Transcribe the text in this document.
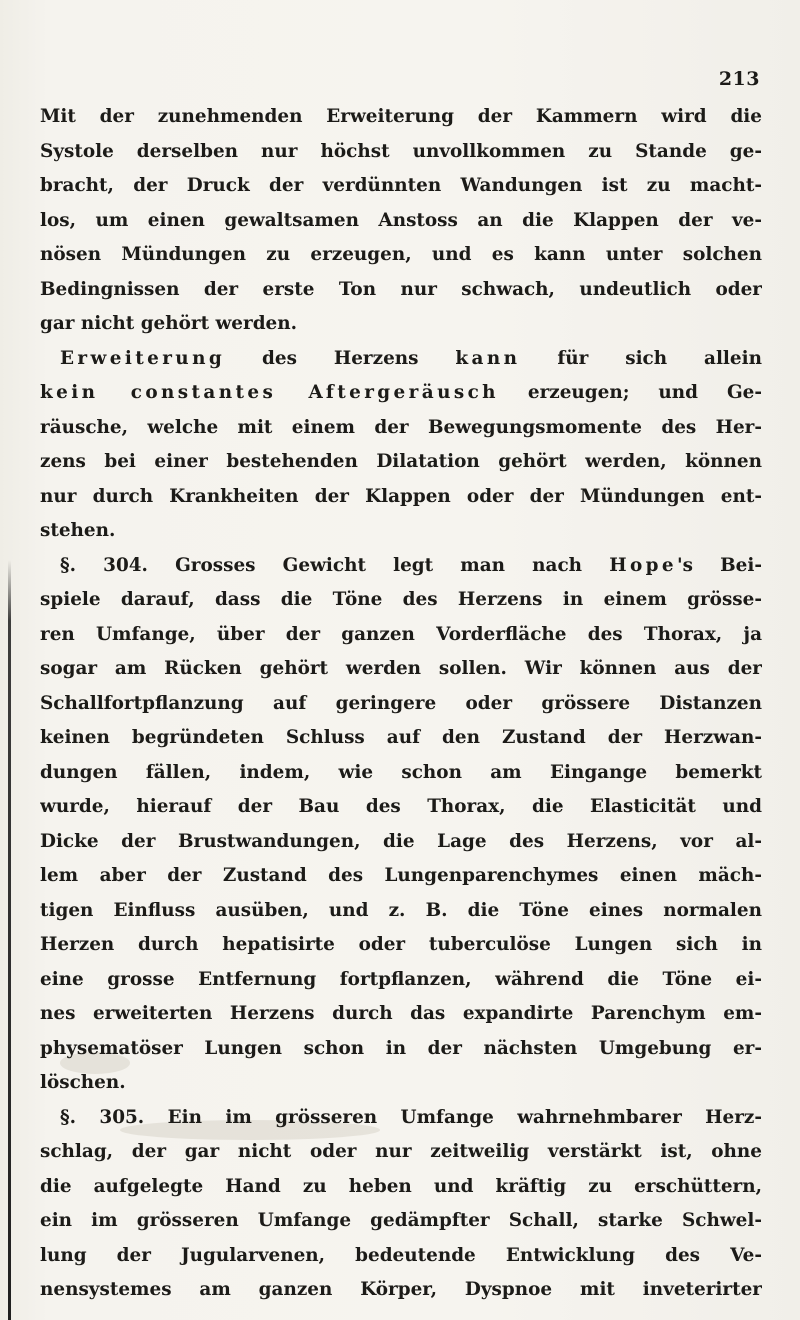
213
Mit der zunehmenden Erweiterung der Kammern wird die
Systole derselben nur höchst unvollkommen zu Stande ge-
bracht, der Druck der verdünnten Wandungen ist zu macht-
los, um einen gewaltsamen Anstoss an die Klappen der ve-
nösen Mündungen zu erzeugen, und es kann unter solchen
Bedingnissen der erste Ton nur schwach, undeutlich oder
gar nicht gehört werden.
Erweiterung des Herzens kann für sich allein
kein constantes Aftergeräusch erzeugen; und Ge-
räusche, welche mit einem der Bewegungsmomente des Her-
zens bei einer bestehenden Dilatation gehört werden, können
nur durch Krankheiten der Klappen oder der Mündungen ent-
stehen.
§. 304. Grosses Gewicht legt man nach Hope's Bei-
spiele darauf, dass die Töne des Herzens in einem grösse-
ren Umfange, über der ganzen Vorderfläche des Thorax, ja
sogar am Rücken gehört werden sollen. Wir können aus der
Schallfortpflanzung auf geringere oder grössere Distanzen
keinen begründeten Schluss auf den Zustand der Herzwan-
dungen fällen, indem, wie schon am Eingange bemerkt
wurde, hierauf der Bau des Thorax, die Elasticität und
Dicke der Brustwandungen, die Lage des Herzens, vor al-
lem aber der Zustand des Lungenparenchymes einen mäch-
tigen Einfluss ausüben, und z. B. die Töne eines normalen
Herzen durch hepatisirte oder tuberculöse Lungen sich in
eine grosse Entfernung fortpflanzen, während die Töne ei-
nes erweiterten Herzens durch das expandirte Parenchym em-
physematöser Lungen schon in der nächsten Umgebung er-
löschen.
§. 305. Ein im grösseren Umfange wahrnehmbarer Herz-
schlag, der gar nicht oder nur zeitweilig verstärkt ist, ohne
die aufgelegte Hand zu heben und kräftig zu erschüttern,
ein im grösseren Umfange gedämpfter Schall, starke Schwel-
lung der Jugularvenen, bedeutende Entwicklung des Ve-
nensystemes am ganzen Körper, Dyspnoe mit inveterirter
